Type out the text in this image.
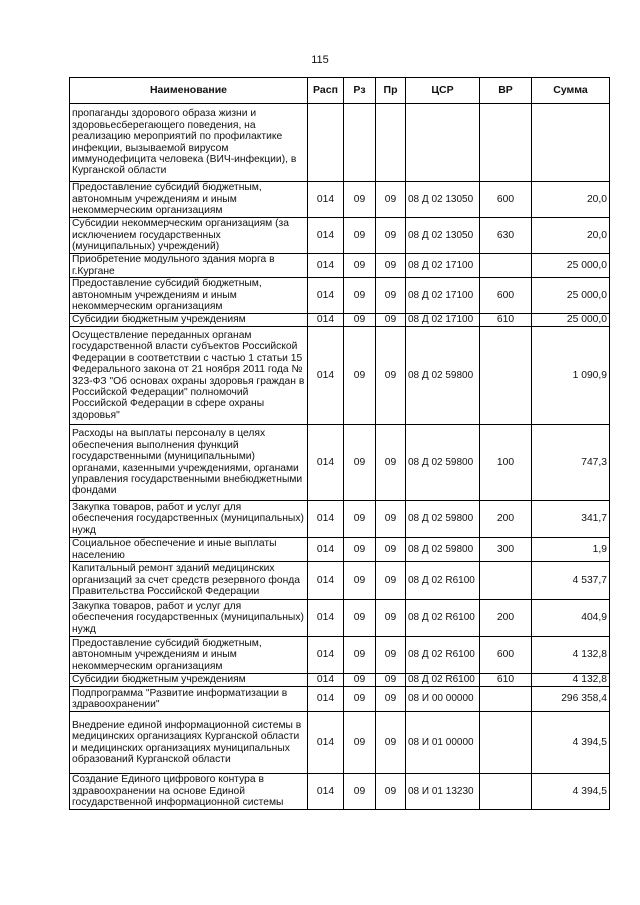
115
Наименование	Расп	Рз	Пр	ЦСР	ВР	Сумма
пропаганды здорового образа жизни и здоровьесберегающего поведения, на реализацию мероприятий по профилактике инфекции, вызываемой вирусом иммунодефицита человека (ВИЧ-инфекции), в Курганской области						
Предоставление субсидий бюджетным, автономным учреждениям и иным некоммерческим организациям	014	09	09	08 Д 02 13050	600	20,0
Субсидии некоммерческим организациям (за исключением государственных (муниципальных) учреждений)	014	09	09	08 Д 02 13050	630	20,0
Приобретение модульного здания морга в г.Кургане	014	09	09	08 Д 02 17100		25 000,0
Предоставление субсидий бюджетным, автономным учреждениям и иным некоммерческим организациям	014	09	09	08 Д 02 17100	600	25 000,0
Субсидии бюджетным учреждениям	014	09	09	08 Д 02 17100	610	25 000,0
Осуществление переданных органам государственной власти субъектов Российской Федерации в соответствии с частью 1 статьи 15 Федерального закона от 21 ноября 2011 года № 323-ФЗ "Об основах охраны здоровья граждан в Российской Федерации" полномочий Российской Федерации в сфере охраны здоровья"	014	09	09	08 Д 02 59800		1 090,9
Расходы на выплаты персоналу в целях обеспечения выполнения функций государственными (муниципальными) органами, казенными учреждениями, органами управления государственными внебюджетными фондами	014	09	09	08 Д 02 59800	100	747,3
Закупка товаров, работ и услуг для обеспечения государственных (муниципальных) нужд	014	09	09	08 Д 02 59800	200	341,7
Социальное обеспечение и иные выплаты населению	014	09	09	08 Д 02 59800	300	1,9
Капитальный ремонт зданий медицинских организаций за счет средств резервного фонда Правительства Российской Федерации	014	09	09	08 Д 02 R6100		4 537,7
Закупка товаров, работ и услуг для обеспечения государственных (муниципальных) нужд	014	09	09	08 Д 02 R6100	200	404,9
Предоставление субсидий бюджетным, автономным учреждениям и иным некоммерческим организациям	014	09	09	08 Д 02 R6100	600	4 132,8
Субсидии бюджетным учреждениям	014	09	09	08 Д 02 R6100	610	4 132,8
Подпрограмма "Развитие информатизации в здравоохранении"	014	09	09	08 И 00 00000		296 358,4
Внедрение единой информационной системы в медицинских организациях Курганской области и медицинских организациях муниципальных образований Курганской области	014	09	09	08 И 01 00000		4 394,5
Создание Единого цифрового контура в здравоохранении на основе Единой государственной информационной системы	014	09	09	08 И 01 13230		4 394,5
